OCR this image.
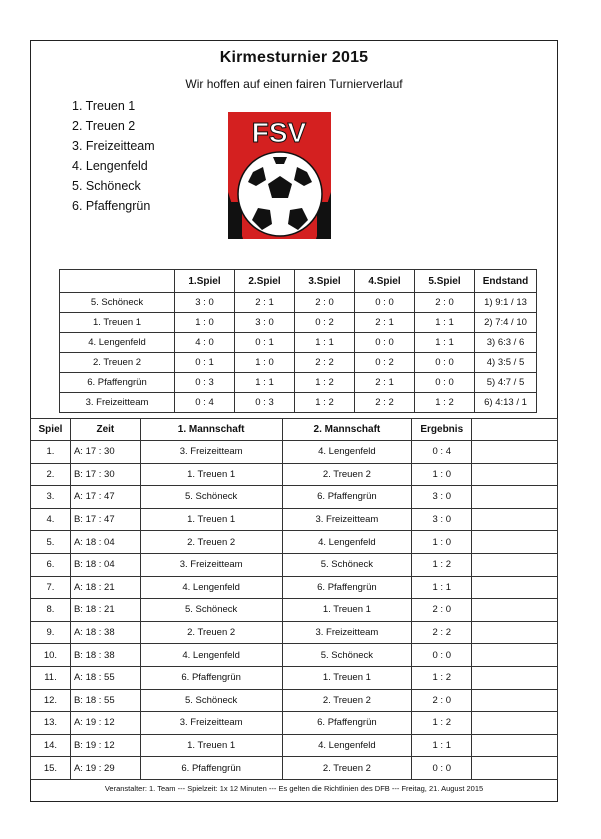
Kirmesturnier 2015
Wir hoffen auf einen fairen Turnierverlauf
1. Treuen 1
2. Treuen 2
3. Freizeitteam
4. Lengenfeld
5. Schöneck
6. Pfaffengrün
FSV
	1.Spiel	2.Spiel	3.Spiel	4.Spiel	5.Spiel	Endstand
5. Schöneck	3 : 0	2 : 1	2 : 0	0 : 0	2 : 0	1) 9:1 / 13
1. Treuen 1	1 : 0	3 : 0	0 : 2	2 : 1	1 : 1	2) 7:4 / 10
4. Lengenfeld	4 : 0	0 : 1	1 : 1	0 : 0	1 : 1	3) 6:3 / 6
2. Treuen 2	0 : 1	1 : 0	2 : 2	0 : 2	0 : 0	4) 3:5 / 5
6. Pfaffengrün	0 : 3	1 : 1	1 : 2	2 : 1	0 : 0	5) 4:7 / 5
3. Freizeitteam	0 : 4	0 : 3	1 : 2	2 : 2	1 : 2	6) 4:13 / 1
Spiel	Zeit	1. Mannschaft	2. Mannschaft	Ergebnis	
1.	A: 17 : 30	3. Freizeitteam	4. Lengenfeld	0 : 4	
2.	B: 17 : 30	1. Treuen 1	2. Treuen 2	1 : 0	
3.	A: 17 : 47	5. Schöneck	6. Pfaffengrün	3 : 0	
4.	B: 17 : 47	1. Treuen 1	3. Freizeitteam	3 : 0	
5.	A: 18 : 04	2. Treuen 2	4. Lengenfeld	1 : 0	
6.	B: 18 : 04	3. Freizeitteam	5. Schöneck	1 : 2	
7.	A: 18 : 21	4. Lengenfeld	6. Pfaffengrün	1 : 1	
8.	B: 18 : 21	5. Schöneck	1. Treuen 1	2 : 0	
9.	A: 18 : 38	2. Treuen 2	3. Freizeitteam	2 : 2	
10.	B: 18 : 38	4. Lengenfeld	5. Schöneck	0 : 0	
11.	A: 18 : 55	6. Pfaffengrün	1. Treuen 1	1 : 2	
12.	B: 18 : 55	5. Schöneck	2. Treuen 2	2 : 0	
13.	A: 19 : 12	3. Freizeitteam	6. Pfaffengrün	1 : 2	
14.	B: 19 : 12	1. Treuen 1	4. Lengenfeld	1 : 1	
15.	A: 19 : 29	6. Pfaffengrün	2. Treuen 2	0 : 0	
Veranstalter: 1. Team --- Spielzeit: 1x 12 Minuten --- Es gelten die Richtlinien des DFB --- Freitag, 21. August 2015
